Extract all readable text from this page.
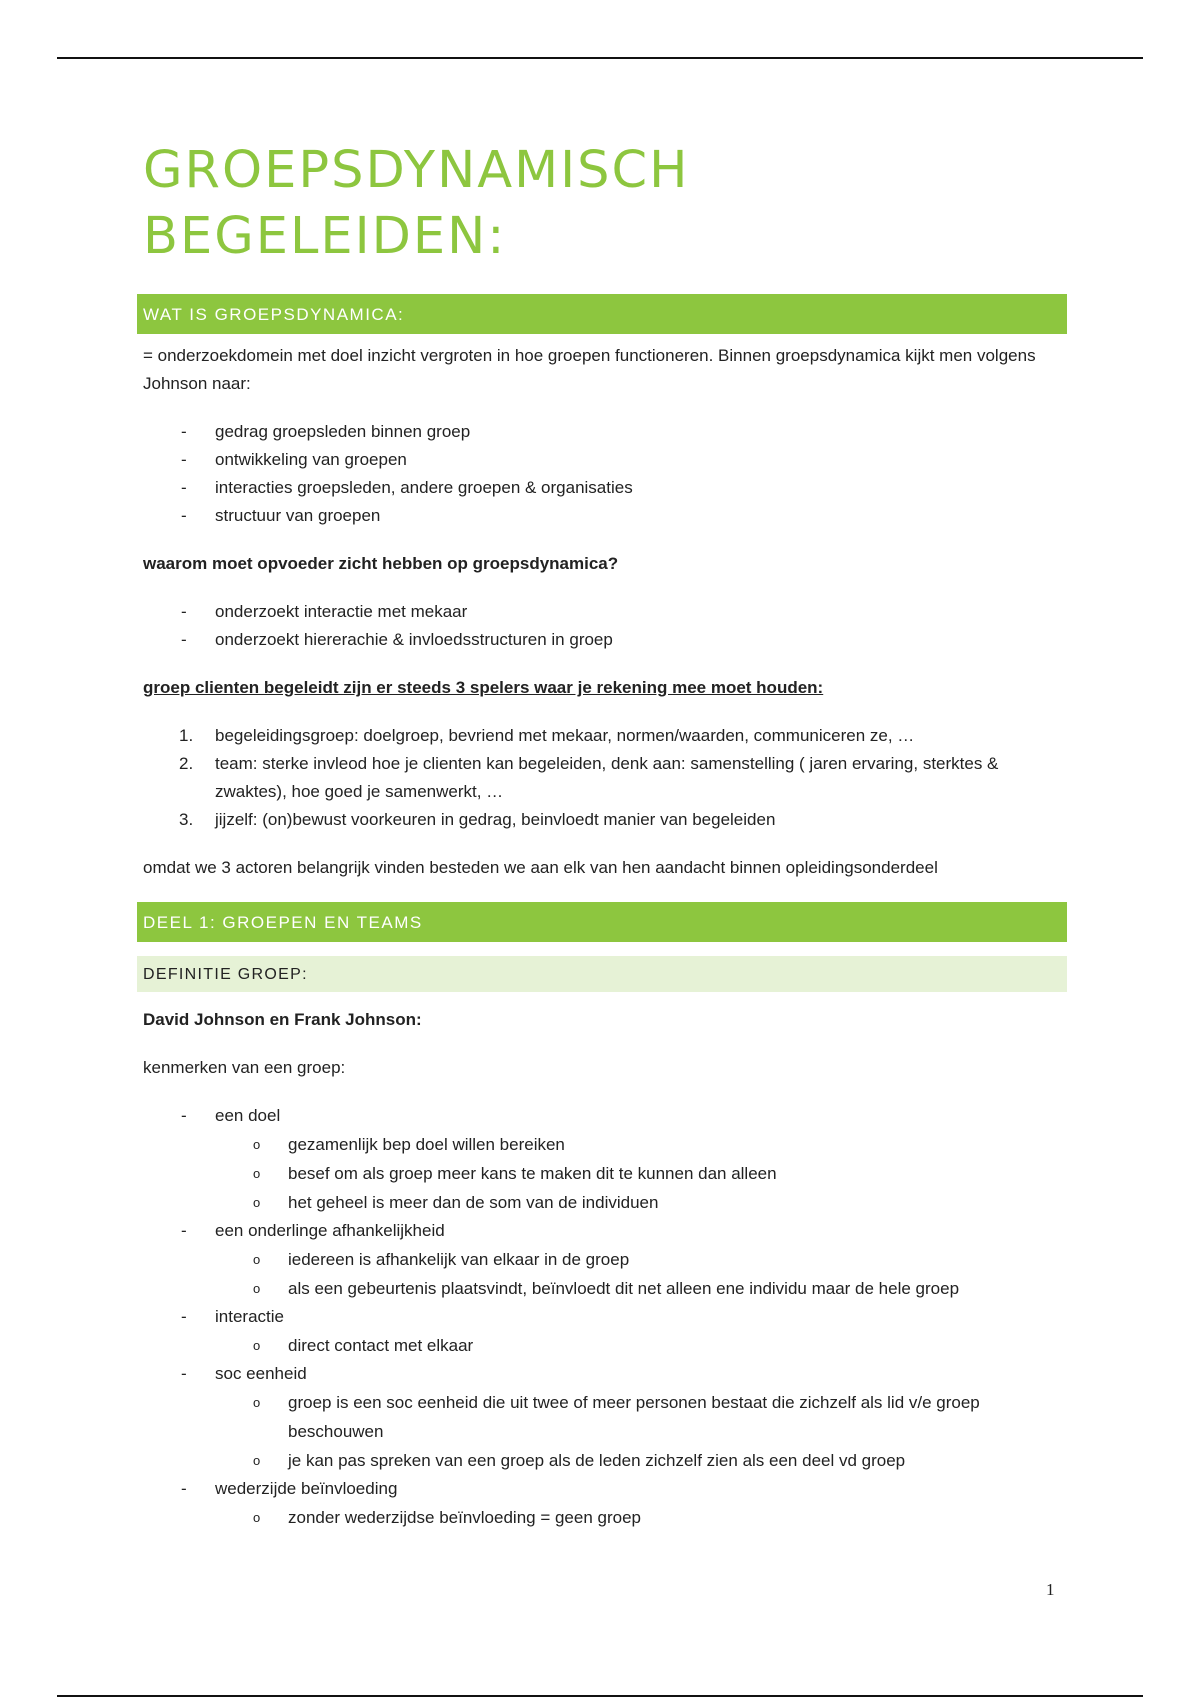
GROEPSDYNAMISCH
BEGELEIDEN:
WAT IS GROEPSDYNAMICA:

= onderzoekdomein met doel inzicht vergroten in hoe groepen functioneren. Binnen groepsdynamica kijkt men volgens Johnson naar:

- gedrag groepsleden binnen groep
- ontwikkeling van groepen
- interacties groepsleden, andere groepen & organisaties
- structuur van groepen

waarom moet opvoeder zicht hebben op groepsdynamica?

- onderzoekt interactie met mekaar
- onderzoekt hiererachie & invloedsstructuren in groep

groep clienten begeleidt zijn er steeds 3 spelers waar je rekening mee moet houden:

1. begeleidingsgroep: doelgroep, bevriend met mekaar, normen/waarden, communiceren ze, …
2. team: sterke invleod hoe je clienten kan begeleiden, denk aan: samenstelling ( jaren ervaring, sterktes & zwaktes), hoe goed je samenwerkt, …
3. jijzelf: (on)bewust voorkeuren in gedrag, beinvloedt manier van begeleiden

omdat we 3 actoren belangrijk vinden besteden we aan elk van hen aandacht binnen opleidingsonderdeel

DEEL 1: GROEPEN EN TEAMS
DEFINITIE GROEP:

David Johnson en Frank Johnson:

kenmerken van een groep:

- een doel
o gezamenlijk bep doel willen bereiken
o besef om als groep meer kans te maken dit te kunnen dan alleen
o het geheel is meer dan de som van de individuen
- een onderlinge afhankelijkheid
o iedereen is afhankelijk van elkaar in de groep
o als een gebeurtenis plaatsvindt, beïnvloedt dit net alleen ene individu maar de hele groep
- interactie
o direct contact met elkaar
- soc eenheid
o groep is een soc eenheid die uit twee of meer personen bestaat die zichzelf als lid v/e groep beschouwen
o je kan pas spreken van een groep als de leden zichzelf zien als een deel vd groep
- wederzijde beïnvloeding
o zonder wederzijdse beïnvloeding = geen groep
1
